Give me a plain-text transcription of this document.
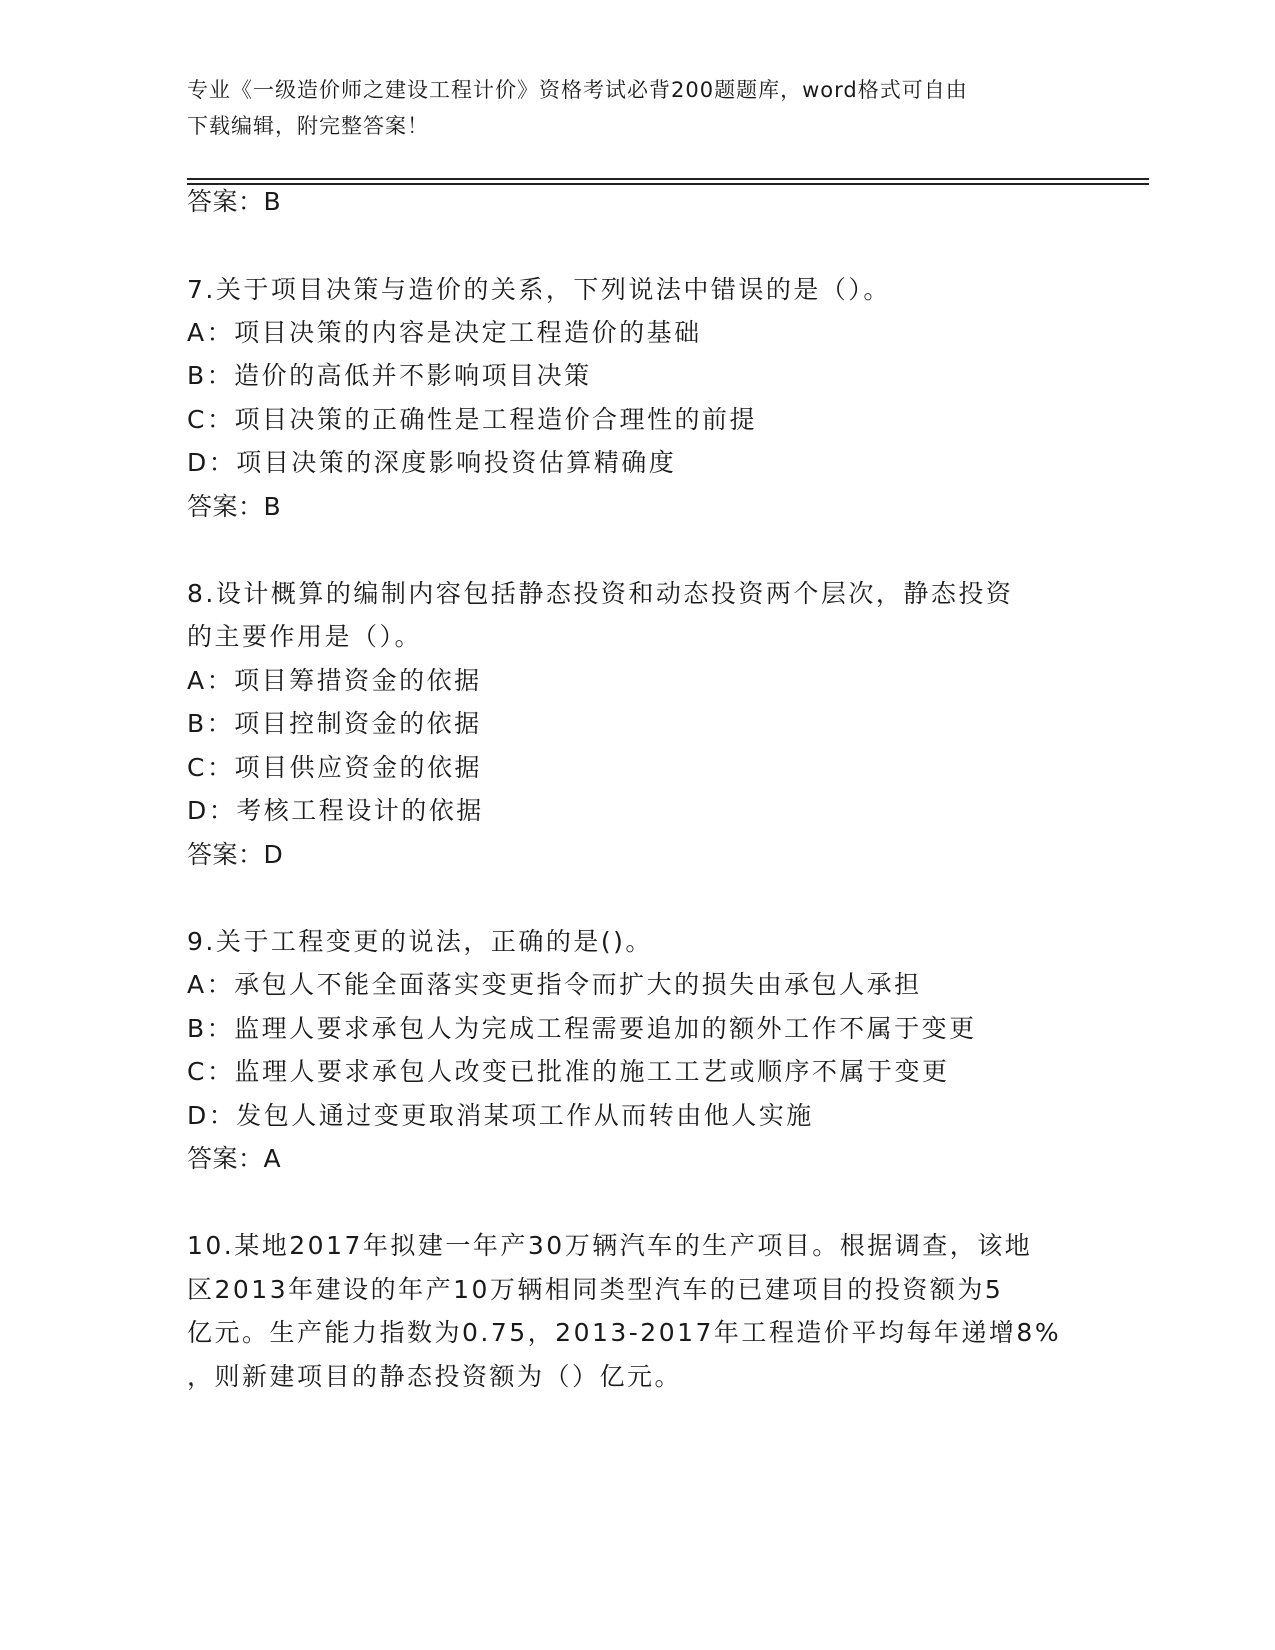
专业《一级造价师之建设工程计价》资格考试必背200题题库，word格式可自由
下载编辑，附完整答案！
答案：B
7.关于项目决策与造价的关系，下列说法中错误的是（）。
A：项目决策的内容是决定工程造价的基础
B：造价的高低并不影响项目决策
C：项目决策的正确性是工程造价合理性的前提
D：项目决策的深度影响投资估算精确度
答案：B
8.设计概算的编制内容包括静态投资和动态投资两个层次，静态投资
的主要作用是（）。
A：项目筹措资金的依据
B：项目控制资金的依据
C：项目供应资金的依据
D：考核工程设计的依据
答案：D
9.关于工程变更的说法，正确的是()。
A：承包人不能全面落实变更指令而扩大的损失由承包人承担
B：监理人要求承包人为完成工程需要追加的额外工作不属于变更
C：监理人要求承包人改变已批准的施工工艺或顺序不属于变更
D：发包人通过变更取消某项工作从而转由他人实施
答案：A
10.某地2017年拟建一年产30万辆汽车的生产项目。根据调查，该地
区2013年建设的年产10万辆相同类型汽车的已建项目的投资额为5
亿元。生产能力指数为0.75，2013-2017年工程造价平均每年递增8%
，则新建项目的静态投资额为（）亿元。
